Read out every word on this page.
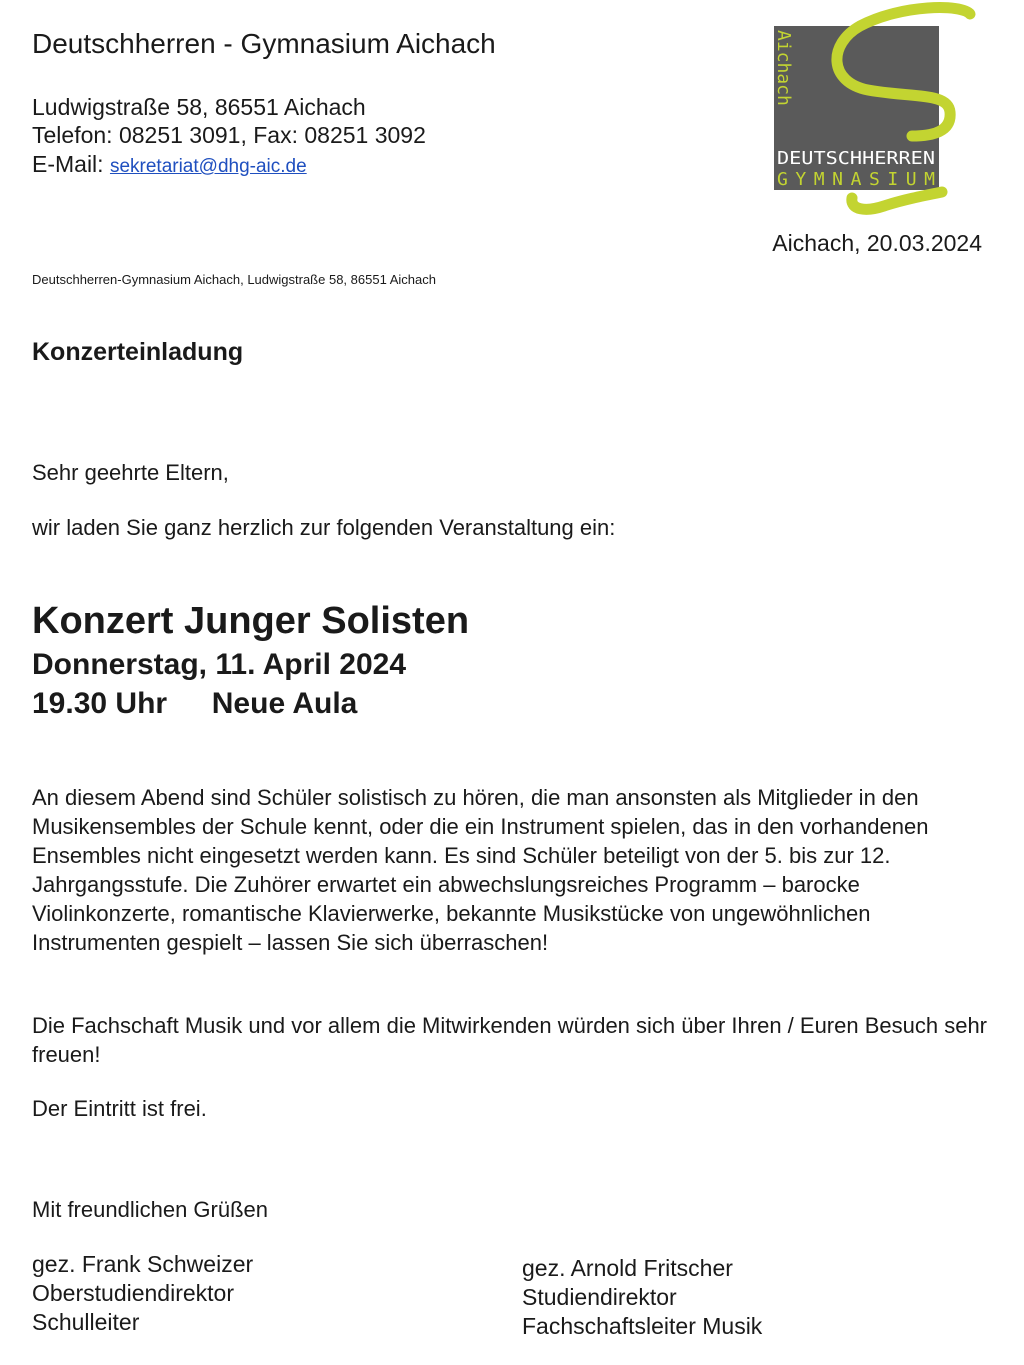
Deutschherren - Gymnasium Aichach
Ludwigstraße 58, 86551 Aichach
Telefon: 08251 3091, Fax: 08251 3092
E-Mail: sekretariat@dhg-aic.de
Aichach
DEUTSCHHERREN
GYMNASIUM
Aichach, 20.03.2024
Deutschherren-Gymnasium Aichach, Ludwigstraße 58, 86551 Aichach
Konzerteinladung
Sehr geehrte Eltern,
wir laden Sie ganz herzlich zur folgenden Veranstaltung ein:
Konzert Junger Solisten
Donnerstag, 11. April 2024
19.30 Uhr Neue Aula
An diesem Abend sind Schüler solistisch zu hören, die man ansonsten als Mitglieder in den Musikensembles der Schule kennt, oder die ein Instrument spielen, das in den vorhandenen Ensembles nicht eingesetzt werden kann. Es sind Schüler beteiligt von der 5. bis zur 12. Jahrgangsstufe. Die Zuhörer erwartet ein abwechslungsreiches Programm – barocke Violinkonzerte, romantische Klavierwerke, bekannte Musikstücke von ungewöhnlichen Instrumenten gespielt – lassen Sie sich überraschen!
Die Fachschaft Musik und vor allem die Mitwirkenden würden sich über Ihren / Euren Besuch sehr freuen!
Der Eintritt ist frei.
Mit freundlichen Grüßen
gez. Frank Schweizer
Oberstudiendirektor
Schulleiter
gez. Arnold Fritscher
Studiendirektor
Fachschaftsleiter Musik
